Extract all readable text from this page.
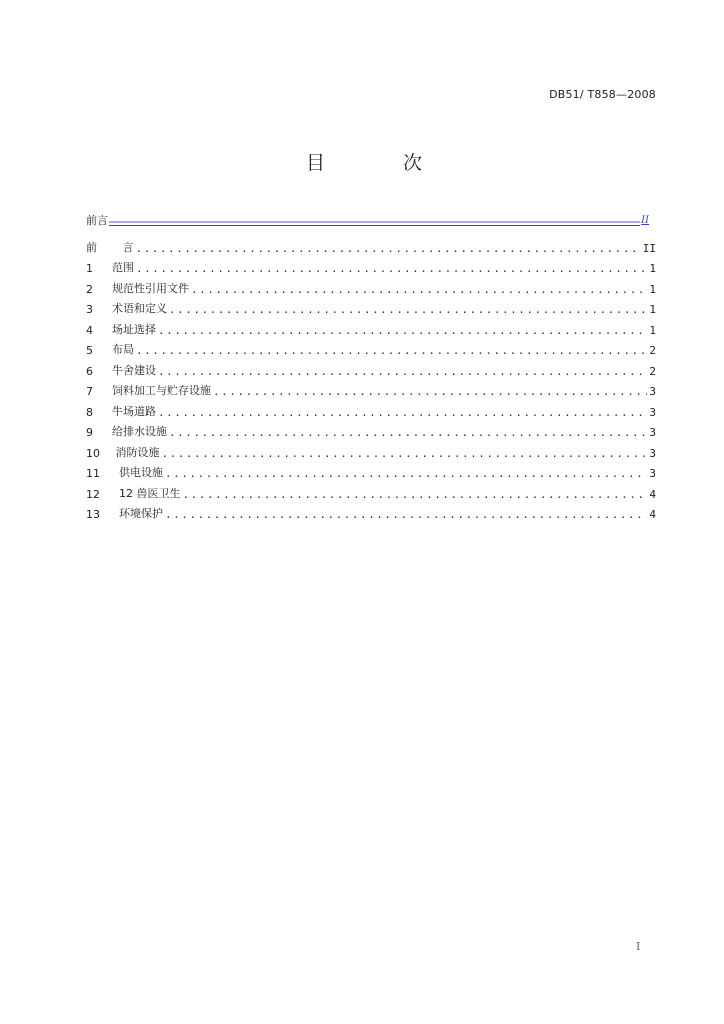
DB51/ T858—2008
目 次
前言	II
前	言 .....	II
1	范围 .....	1
2	规范性引用文件 .....	1
3	术语和定义 .....	1
4	场址选择 .....	1
5	布局 .....	2
6	牛舍建设 .....	2
7	饲料加工与贮存设施 .....	3
8	牛场道路 .....	3
9	给排水设施 .....	3
10	消防设施 .....	3
11	供电设施 .....	3
12	12 兽医卫生 .....	4
13	环境保护 .....	4
I
